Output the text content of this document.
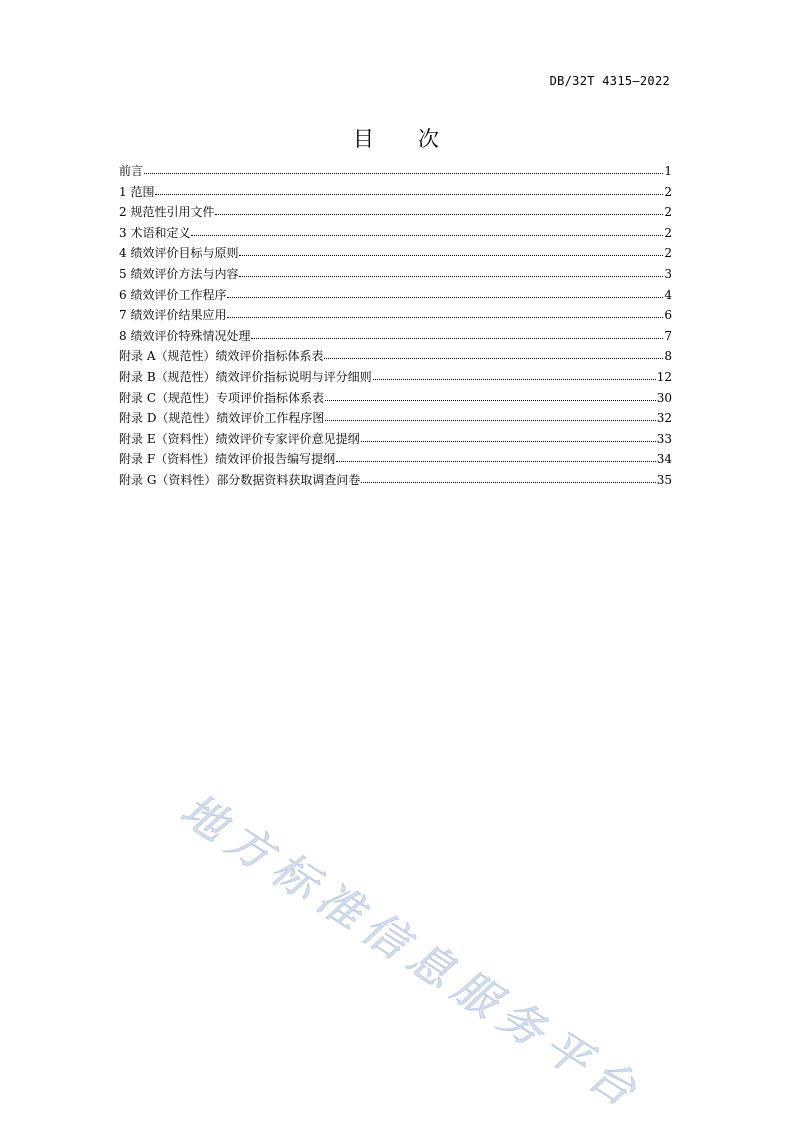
DB/32T 4315—2022
目 次
前言	1
1 范围	2
2 规范性引用文件	2
3 术语和定义	2
4 绩效评价目标与原则	2
5 绩效评价方法与内容	3
6 绩效评价工作程序	4
7 绩效评价结果应用	6
8 绩效评价特殊情况处理	7
附录 A（规范性）绩效评价指标体系表	8
附录 B（规范性）绩效评价指标说明与评分细则	12
附录 C（规范性）专项评价指标体系表	30
附录 D（规范性）绩效评价工作程序图	32
附录 E（资料性）绩效评价专家评价意见提纲	33
附录 F（资料性）绩效评价报告编写提纲	34
附录 G（资料性）部分数据资料获取调查问卷	35
地方标准信息服务平台
